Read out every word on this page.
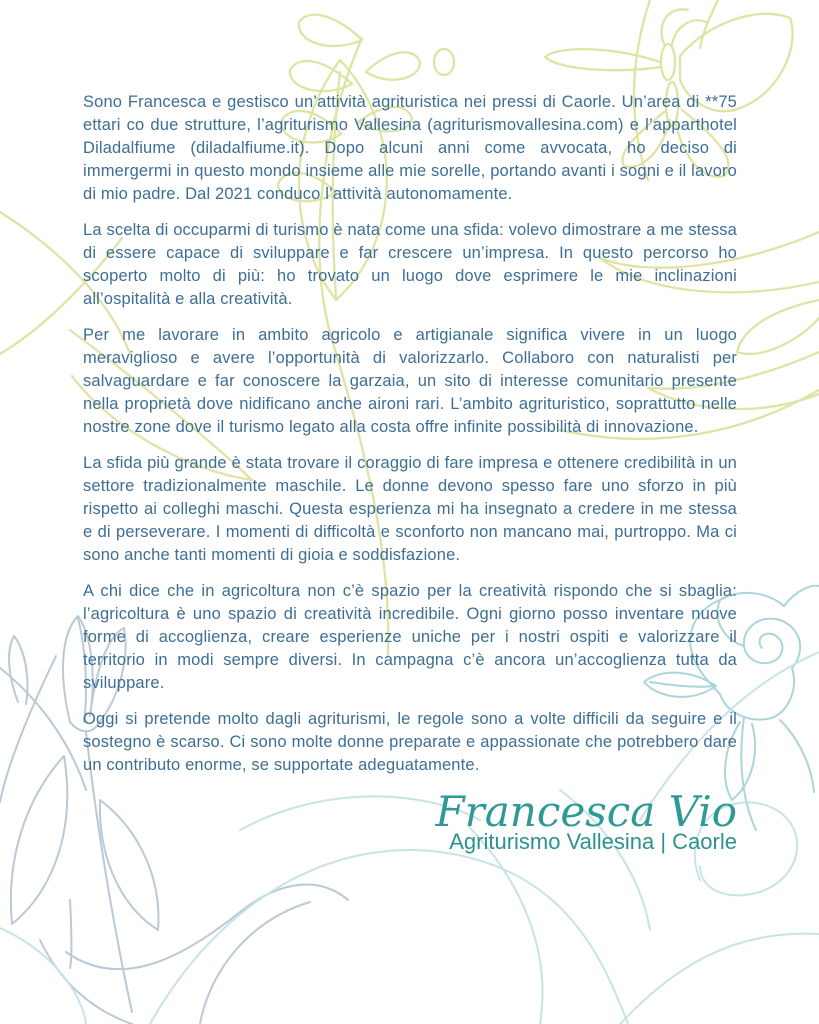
Sono Francesca e gestisco un’attività agrituristica nei pressi di Caorle. Un’area di **75 ettari co due strutture, l’agriturismo Vallesina (agriturismovallesina.com) e l’apparthotel Diladalfiume (diladalfiume.it). Dopo alcuni anni come avvocata, ho deciso di immergermi in questo mondo insieme alle mie sorelle, portando avanti i sogni e il lavoro di mio padre. Dal 2021 conduco l’attività autonomamente.

La scelta di occuparmi di turismo è nata come una sfida: volevo dimostrare a me stessa di essere capace di sviluppare e far crescere un’impresa. In questo percorso ho scoperto molto di più: ho trovato un luogo dove esprimere le mie inclinazioni all’ospitalità e alla creatività.

Per me lavorare in ambito agricolo e artigianale significa vivere in un luogo meraviglioso e avere l’opportunità di valorizzarlo. Collaboro con naturalisti per salvaguardare e far conoscere la garzaia, un sito di interesse comunitario presente nella proprietà dove nidificano anche aironi rari. L’ambito agrituristico, soprattutto nelle nostre zone dove il turismo legato alla costa offre infinite possibilità di innovazione.

La sfida più grande è stata trovare il coraggio di fare impresa e ottenere credibilità in un settore tradizionalmente maschile. Le donne devono spesso fare uno sforzo in più rispetto ai colleghi maschi. Questa esperienza mi ha insegnato a credere in me stessa e di perseverare. I momenti di difficoltà e sconforto non mancano mai, purtroppo. Ma ci sono anche tanti momenti di gioia e soddisfazione.

A chi dice che in agricoltura non c’è spazio per la creatività rispondo che si sbaglia: l’agricoltura è uno spazio di creatività incredibile. Ogni giorno posso inventare nuove forme di accoglienza, creare esperienze uniche per i nostri ospiti e valorizzare il territorio in modi sempre diversi. In campagna c’è ancora un’accoglienza tutta da sviluppare.

Oggi si pretende molto dagli agriturismi, le regole sono a volte difficili da seguire e il sostegno è scarso. Ci sono molte donne preparate e appassionate che potrebbero dare un contributo enorme, se supportate adeguatamente.

Francesca Vio
Agriturismo Vallesina | Caorle
